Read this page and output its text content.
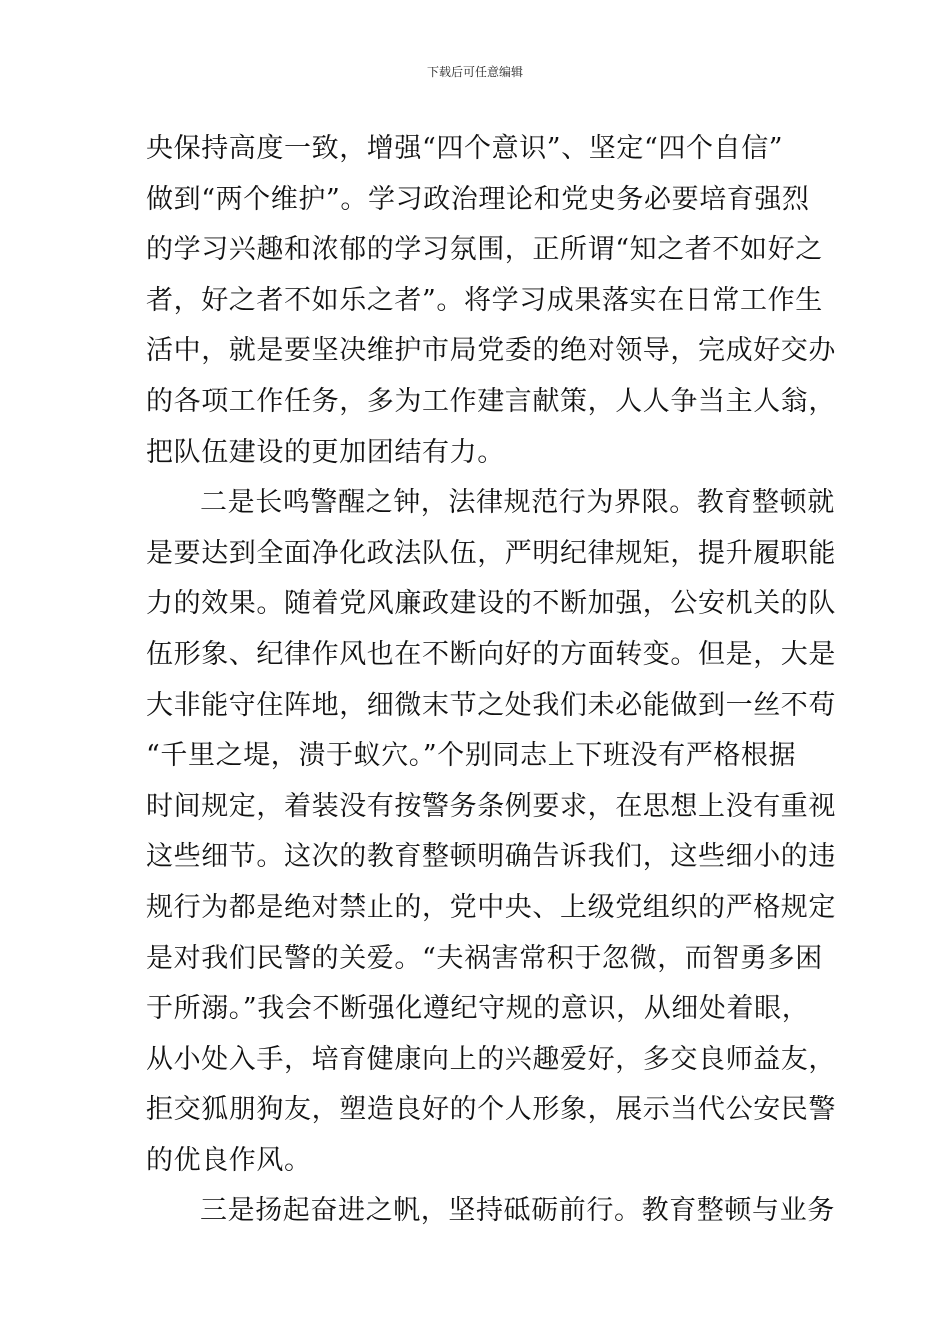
下载后可任意编辑
央保持高度一致，增强“四个意识”、坚定“四个自信”
做到“两个维护”。学习政治理论和党史务必要培育强烈
的学习兴趣和浓郁的学习氛围，正所谓“知之者不如好之
者，好之者不如乐之者”。将学习成果落实在日常工作生
活中，就是要坚决维护市局党委的绝对领导，完成好交办
的各项工作任务，多为工作建言献策，人人争当主人翁，
把队伍建设的更加团结有力。
二是长鸣警醒之钟，法律规范行为界限。教育整顿就
是要达到全面净化政法队伍，严明纪律规矩，提升履职能
力的效果。随着党风廉政建设的不断加强，公安机关的队
伍形象、纪律作风也在不断向好的方面转变。但是，大是
大非能守住阵地，细微末节之处我们未必能做到一丝不苟
“千里之堤，溃于蚁穴。”个别同志上下班没有严格根据
时间规定，着装没有按警务条例要求，在思想上没有重视
这些细节。这次的教育整顿明确告诉我们，这些细小的违
规行为都是绝对禁止的，党中央、上级党组织的严格规定
是对我们民警的关爱。“夫祸害常积于忽微，而智勇多困
于所溺。”我会不断强化遵纪守规的意识，从细处着眼，
从小处入手，培育健康向上的兴趣爱好，多交良师益友，
拒交狐朋狗友，塑造良好的个人形象，展示当代公安民警
的优良作风。
三是扬起奋进之帆，坚持砥砺前行。教育整顿与业务
